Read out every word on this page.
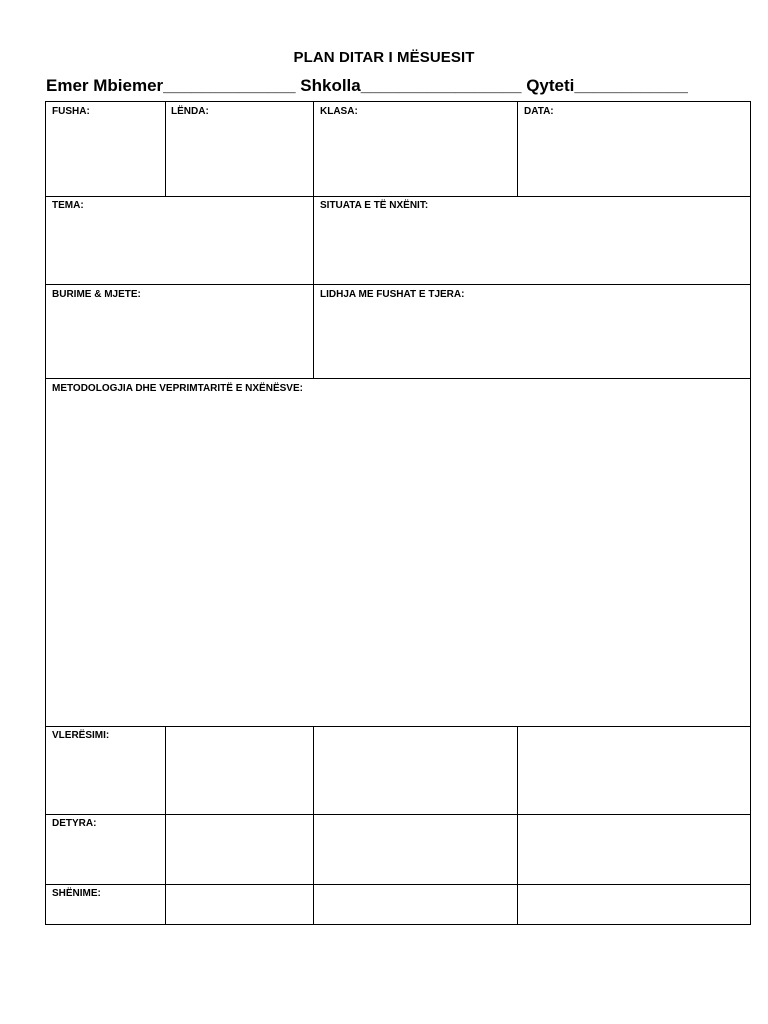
PLAN DITAR I MËSUESIT
Emer Mbiemer______________ Shkolla_________________ Qyteti____________
FUSHA:	LËNDA:	KLASA:	DATA:
TEMA:	SITUATA E TË NXËNIT:
BURIME & MJETE:	LIDHJA ME FUSHAT E TJERA:
METODOLOGJIA DHE VEPRIMTARITË E NXËNËSVE:
VLERËSIMI:
DETYRA:
SHËNIME:
